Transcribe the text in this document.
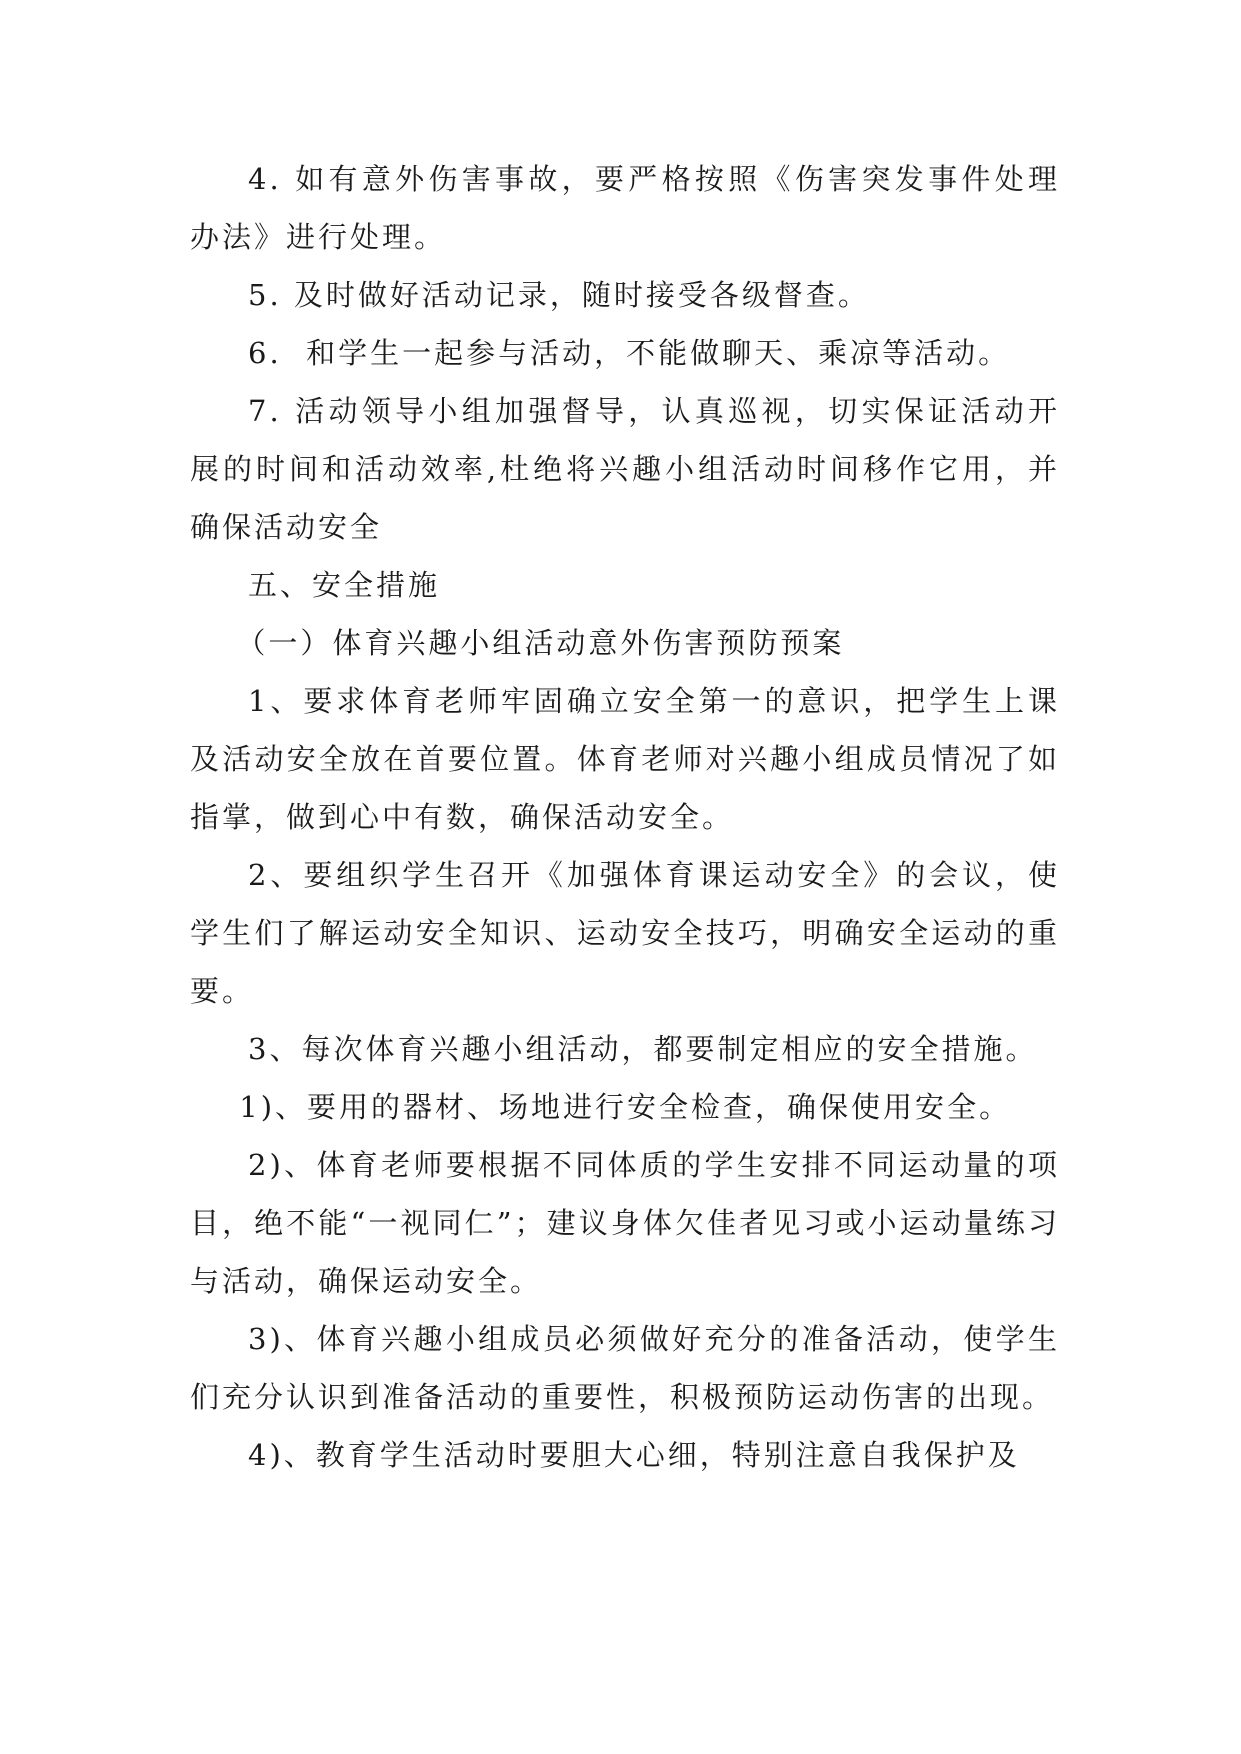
4. 如有意外伤害事故，要严格按照《伤害突发事件处理办法》进行处理。

5. 及时做好活动记录，随时接受各级督查。

6.  和学生一起参与活动，不能做聊天、乘凉等活动。

7. 活动领导小组加强督导，认真巡视，切实保证活动开展的时间和活动效率,杜绝将兴趣小组活动时间移作它用，并确保活动安全

五、安全措施

（一）体育兴趣小组活动意外伤害预防预案

1、要求体育老师牢固确立安全第一的意识，把学生上课及活动安全放在首要位置。体育老师对兴趣小组成员情况了如指掌，做到心中有数，确保活动安全。

2、要组织学生召开《加强体育课运动安全》的会议，使学生们了解运动安全知识、运动安全技巧，明确安全运动的重要。

3、每次体育兴趣小组活动，都要制定相应的安全措施。

1)、要用的器材、场地进行安全检查，确保使用安全。

2)、体育老师要根据不同体质的学生安排不同运动量的项目，绝不能“一视同仁”；建议身体欠佳者见习或小运动量练习与活动，确保运动安全。

3)、体育兴趣小组成员必须做好充分的准备活动，使学生们充分认识到准备活动的重要性，积极预防运动伤害的出现。

4)、教育学生活动时要胆大心细，特别注意自我保护及
